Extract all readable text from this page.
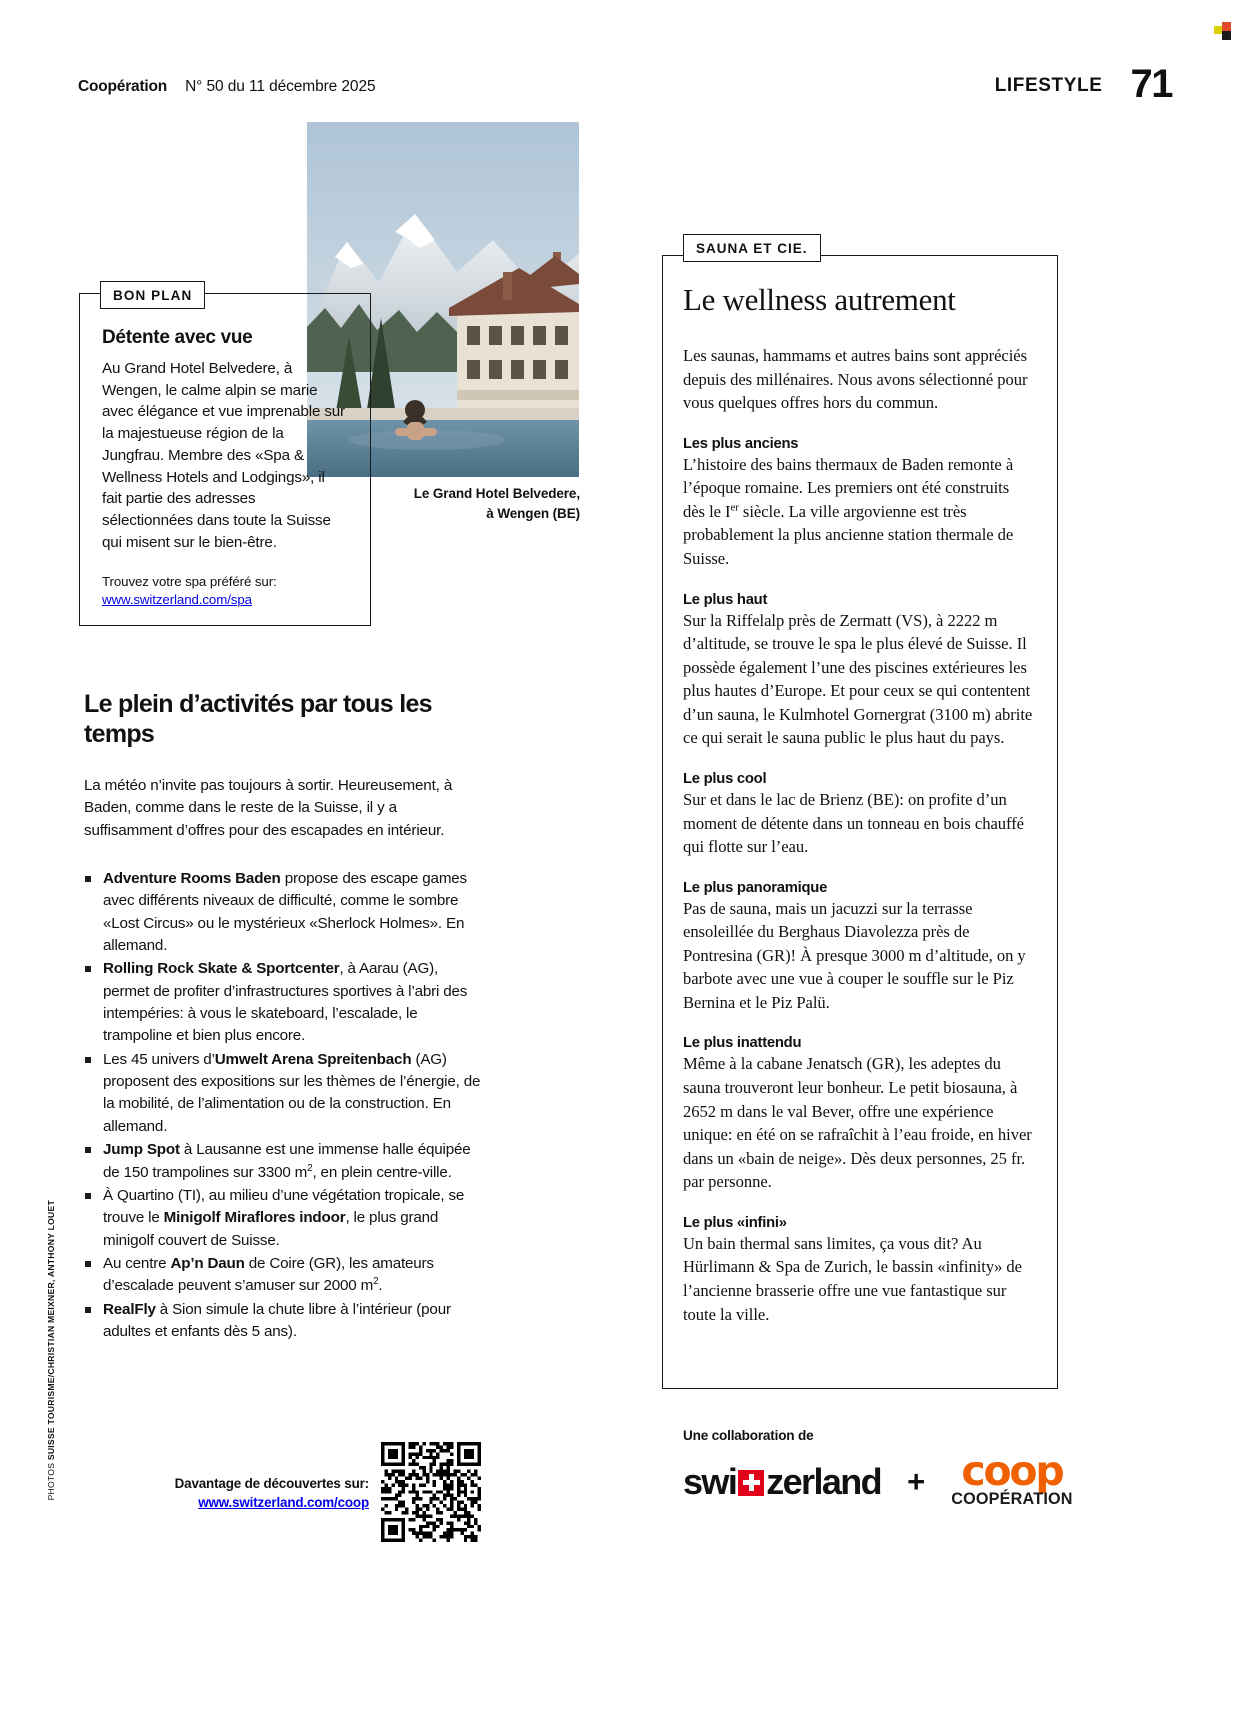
Coopération N° 50 du 11 décembre 2025	LIFESTYLE 71
Le Grand Hotel Belvedere,
à Wengen (BE)
Détente avec vue

Au Grand Hotel Belvedere, à Wengen, le calme alpin se marie avec élégance et vue imprenable sur la majestueuse région de la Jungfrau. Membre des «Spa & Wellness Hotels and Lodgings», il fait partie des adresses sélectionnées dans toute la Suisse qui misent sur le bien-être.

Trouvez votre spa préféré sur:
www.switzerland.com/spa
BON PLAN
Le plein d’activités par tous les temps

La météo n’invite pas toujours à sortir. Heureusement, à Baden, comme dans le reste de la Suisse, il y a suffisamment d’offres pour des escapades en intérieur.

Adventure Rooms Baden propose des escape games avec différents niveaux de difficulté, comme le sombre «Lost Circus» ou le mystérieux «Sherlock Holmes». En allemand.
Rolling Rock Skate & Sportcenter, à Aarau (AG), permet de profiter d’infrastructures sportives à l’abri des intempéries: à vous le skateboard, l’escalade, le trampoline et bien plus encore.
Les 45 univers d’Umwelt Arena Spreitenbach (AG) proposent des expositions sur les thèmes de l’énergie, de la mobilité, de l’alimentation ou de la construction. En allemand.
Jump Spot à Lausanne est une immense halle équipée de 150 trampolines sur 3300 $m^2$, en plein centre-ville.
À Quartino (TI), au milieu d’une végétation tropicale, se trouve le Minigolf Miraflores indoor, le plus grand minigolf couvert de Suisse.
Au centre Ap’n Daun de Coire (GR), les amateurs d’escalade peuvent s’amuser sur 2000 $m^2$.
RealFly à Sion simule la chute libre à l’intérieur (pour adultes et enfants dès 5 ans).
Davantage de découvertes sur:
www.switzerland.com/coop
PHOTOS SUISSE TOURISME/CHRISTIAN MEIXNER, ANTHONY LOUET
SAUNA ET CIE.
Le wellness autrement

Les saunas, hammams et autres bains sont appréciés depuis des millénaires. Nous avons sélectionné pour vous quelques offres hors du commun.

Les plus anciens

L’histoire des bains thermaux de Baden remonte à l’époque romaine. Les premiers ont été construits dès le Ier siècle. La ville argovienne est très probablement la plus ancienne station thermale de Suisse.

Le plus haut

Sur la Riffelalp près de Zermatt (VS), à 2222 m d’altitude, se trouve le spa le plus élevé de Suisse. Il possède également l’une des piscines extérieures les plus hautes d’Europe. Et pour ceux se qui contentent d’un sauna, le Kulmhotel Gornergrat (3100 m) abrite ce qui serait le sauna public le plus haut du pays.

Le plus cool

Sur et dans le lac de Brienz (BE): on profite d’un moment de détente dans un tonneau en bois chauffé qui flotte sur l’eau.

Le plus panoramique

Pas de sauna, mais un jacuzzi sur la terrasse ensoleillée du Berghaus Diavolezza près de Pontresina (GR)! À presque 3000 m d’altitude, on y barbote avec une vue à couper le souffle sur le Piz Bernina et le Piz Palü.

Le plus inattendu

Même à la cabane Jenatsch (GR), les adeptes du sauna trouveront leur bonheur. Le petit biosauna, à 2652 m dans le val Bever, offre une expérience unique: en été on se rafraîchit à l’eau froide, en hiver dans un «bain de neige». Dès deux personnes, 25 fr. par personne.

Le plus «infini»

Un bain thermal sans limites, ça vous dit? Au Hürlimann & Spa de Zurich, le bassin «infinity» de l’ancienne brasserie offre une vue fantastique sur toute la ville.

Une collaboration de
swi zerland + coop
COOPÉRATION
